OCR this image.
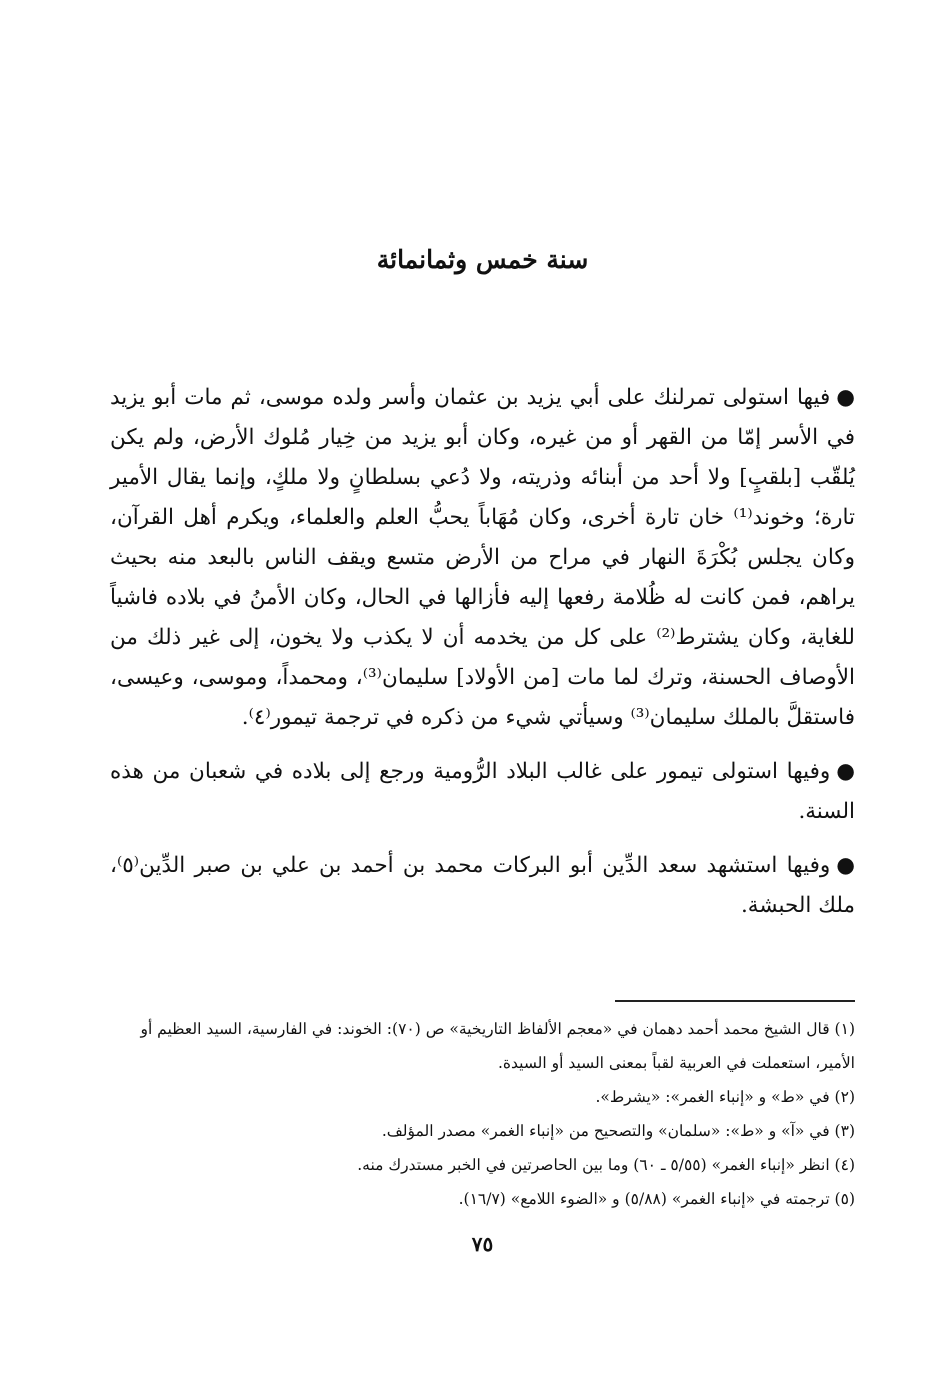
سنة خمس وثمانمائة

●فيها استولى تمرلنك على أبي يزيد بن عثمان وأسر ولده موسى، ثم مات أبو يزيد في الأسر إمّا من القهر أو من غيره، وكان أبو يزيد من خِيار مُلوك الأرض، ولم يكن يُلقّب [بلقبٍ] ولا أحد من أبنائه وذريته، ولا دُعي بسلطانٍ ولا ملكٍ، وإنما يقال الأمير تارة؛ وخوند⁽¹⁾ خان تارة أخرى، وكان مُهَاباً يحبُّ العلم والعلماء، ويكرم أهل القرآن، وكان يجلس بُكْرَةَ النهار في مراح من الأرض متسع ويقف الناس بالبعد منه بحيث يراهم، فمن كانت له ظُلامة رفعها إليه فأزالها في الحال، وكان الأمنُ في بلاده فاشياً للغاية، وكان يشترط⁽²⁾ على كل من يخدمه أن لا يكذب ولا يخون، إلى غير ذلك من الأوصاف الحسنة، وترك لما مات [من الأولاد] سليمان⁽³⁾، ومحمداً، وموسى، وعيسى، فاستقلَّ بالملك سليمان⁽³⁾ وسيأتي شيء من ذكره في ترجمة تيمور⁽٤⁾.

●وفيها استولى تيمور على غالب البلاد الرُّومية ورجع إلى بلاده في شعبان من هذه السنة.

●وفيها استشهد سعد الدِّين أبو البركات محمد بن أحمد بن علي بن صبر الدِّين⁽٥⁾، ملك الحبشة.

(١) قال الشيخ محمد أحمد دهمان في «معجم الألفاظ التاريخية» ص (٧٠): الخوند: في الفارسية، السيد العظيم أو الأمير، استعملت في العربية لقباً بمعنى السيد أو السيدة.

(٢) في «ط» و «إنباء الغمر»: «يشرط».

(٣) في «آ» و «ط»: «سلمان» والتصحيح من «إنباء الغمر» مصدر المؤلف.

(٤) انظر «إنباء الغمر» (٥/٥٥ ـ ٦٠) وما بين الحاصرتين في الخبر مستدرك منه.

(٥) ترجمته في «إنباء الغمر» (٥/٨٨) و «الضوء اللامع» (١٦/٧).

٧٥
